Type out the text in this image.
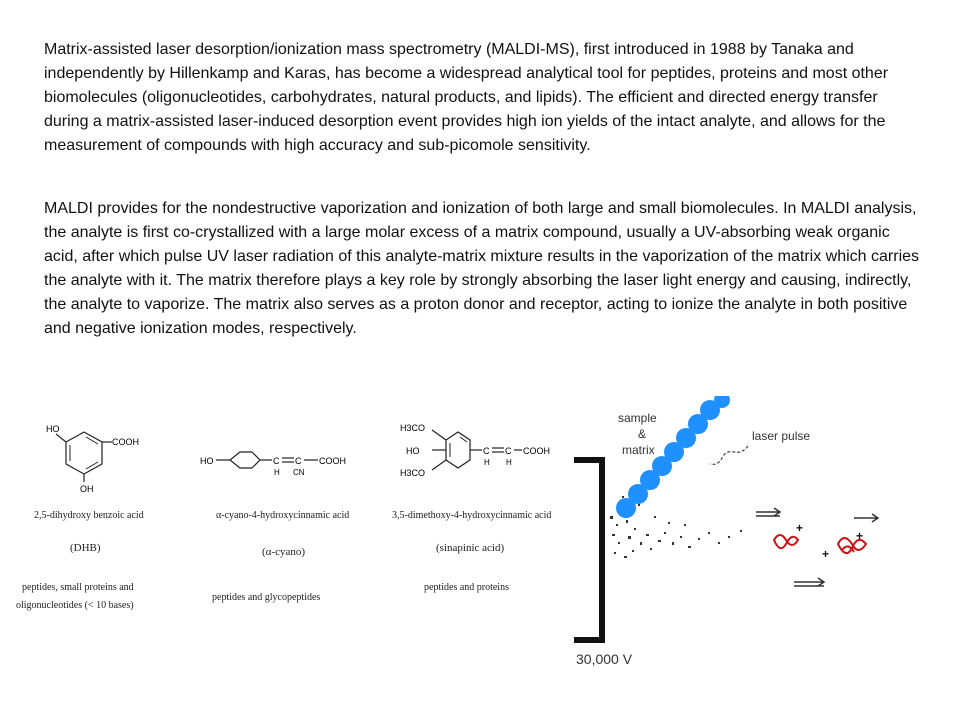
Matrix-assisted laser desorption/ionization mass spectrometry (MALDI-MS), first introduced in 1988 by Tanaka and independently by Hillenkamp and Karas, has become a widespread analytical tool for peptides, proteins and most other biomolecules (oligonucleotides, carbohydrates, natural products, and lipids). The efficient and directed energy transfer during a matrix-assisted laser-induced desorption event provides high ion yields of the intact analyte, and allows for the measurement of compounds with high accuracy and sub-picomole sensitivity.

MALDI provides for the nondestructive vaporization and ionization of both large and small biomolecules. In MALDI analysis, the analyte is first co-crystallized with a large molar excess of a matrix compound, usually a UV-absorbing weak organic acid, after which pulse UV laser radiation of this analyte-matrix mixture results in the vaporization of the matrix which carries the analyte with it. The matrix therefore plays a key role by strongly absorbing the laser light energy and causing, indirectly, the analyte to vaporize. The matrix also serves as a proton donor and receptor, acting to ionize the analyte in both positive and negative ionization modes, respectively.

HO
COOH
OH
2,5-dihydroxy benzoic acid
(DHB)
peptides, small proteins and
oligonucleotides (< 10 bases)
HO	C
H
C
CN
COOH
α-cyano-4-hydroxycinnamic acid
(α-cyano)
peptides and glycopeptides
H3CO
HO
H3CO
C
H
C
H
COOH
3,5-dimethoxy-4-hydroxycinnamic acid
(sinapinic acid)
peptides and proteins
sample
&
matrix
laser pulse
+
+
+
30,000 V
